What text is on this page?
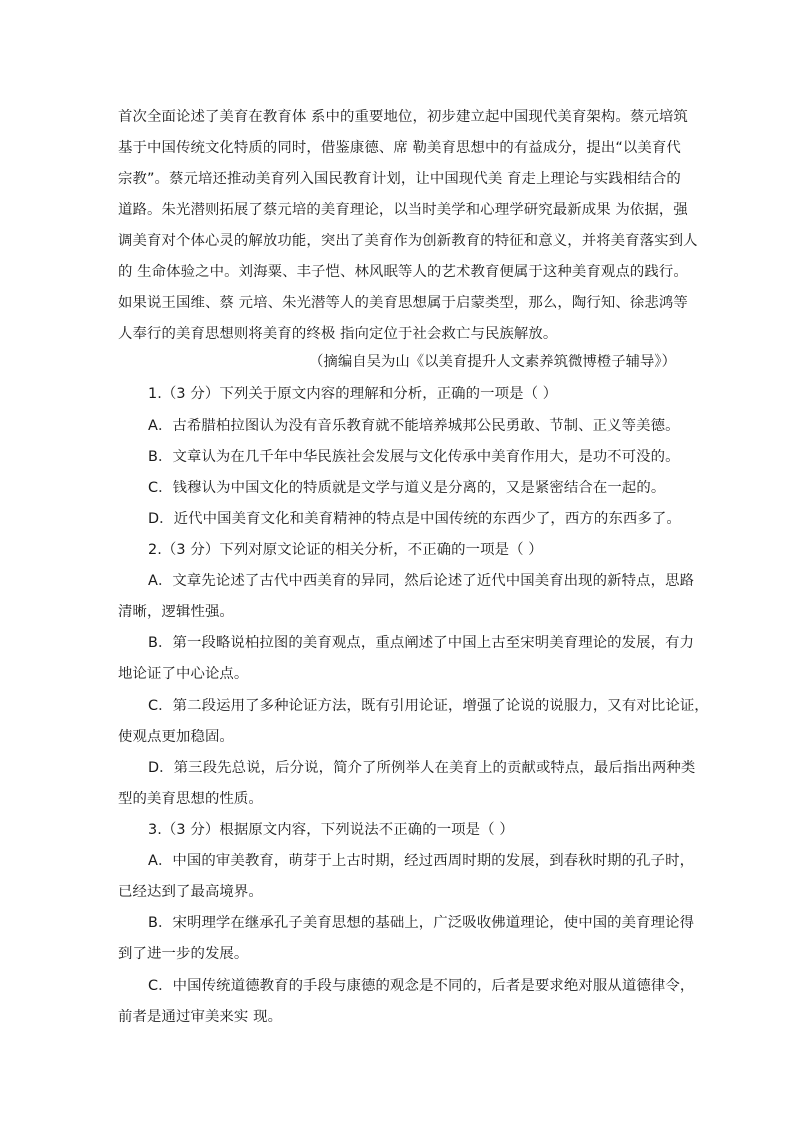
首次全面论述了美育在教育体 系中的重要地位，初步建立起中国现代美育架构。蔡元培筑
基于中国传统文化特质的同时，借鉴康德、席 勒美育思想中的有益成分，提出“以美育代
宗教”。蔡元培还推动美育列入国民教育计划，让中国现代美 育走上理论与实践相结合的
道路。朱光潜则拓展了蔡元培的美育理论，以当时美学和心理学研究最新成果 为依据，强
调美育对个体心灵的解放功能，突出了美育作为创新教育的特征和意义，并将美育落实到人
的 生命体验之中。刘海粟、丰子恺、林风眠等人的艺术教育便属于这种美育观点的践行。
如果说王国维、蔡 元培、朱光潜等人的美育思想属于启蒙类型，那么，陶行知、徐悲鸿等
人奉行的美育思想则将美育的终极 指向定位于社会救亡与民族解放。
（摘编自吴为山《以美育提升人文素养筑微博橙子辅导》）
1.（3 分）下列关于原文内容的理解和分析，正确的一项是（ ）
A．古希腊柏拉图认为没有音乐教育就不能培养城邦公民勇敢、节制、正义等美德。
B．文章认为在几千年中华民族社会发展与文化传承中美育作用大，是功不可没的。
C．钱穆认为中国文化的特质就是文学与道义是分离的，又是紧密结合在一起的。
D．近代中国美育文化和美育精神的特点是中国传统的东西少了，西方的东西多了。
2.（3 分）下列对原文论证的相关分析，不正确的一项是（ ）
A．文章先论述了古代中西美育的异同，然后论述了近代中国美育出现的新特点，思路
清晰，逻辑性强。
B．第一段略说柏拉图的美育观点，重点阐述了中国上古至宋明美育理论的发展，有力
地论证了中心论点。
C．第二段运用了多种论证方法，既有引用论证，增强了论说的说服力，又有对比论证，
使观点更加稳固。
D．第三段先总说，后分说，简介了所例举人在美育上的贡献或特点，最后指出两种类
型的美育思想的性质。
3.（3 分）根据原文内容，下列说法不正确的一项是（ ）
A．中国的审美教育，萌芽于上古时期，经过西周时期的发展，到春秋时期的孔子时，
已经达到了最高境界。
B．宋明理学在继承孔子美育思想的基础上，广泛吸收佛道理论，使中国的美育理论得
到了进一步的发展。
C．中国传统道德教育的手段与康德的观念是不同的，后者是要求绝对服从道德律令，
前者是通过审美来实 现。
